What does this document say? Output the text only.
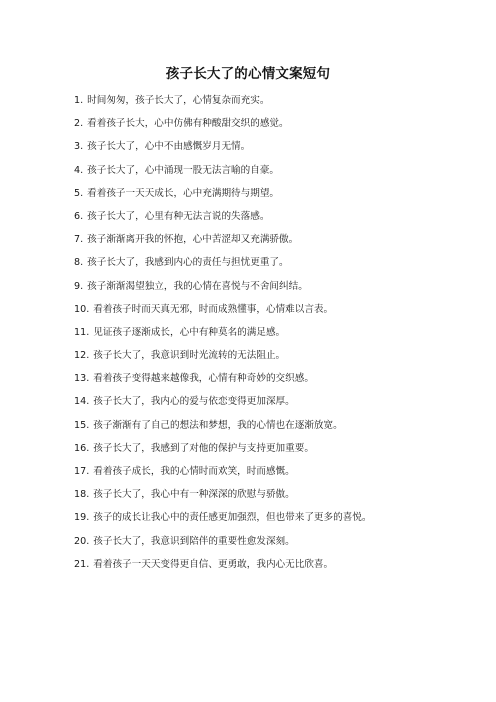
孩子长大了的心情文案短句
1. 时间匆匆，孩子长大了，心情复杂而充实。
2. 看着孩子长大，心中仿佛有种酸甜交织的感觉。
3. 孩子长大了，心中不由感慨岁月无情。
4. 孩子长大了，心中涌现一股无法言喻的自豪。
5. 看着孩子一天天成长，心中充满期待与期望。
6. 孩子长大了，心里有种无法言说的失落感。
7. 孩子渐渐离开我的怀抱，心中苦涩却又充满骄傲。
8. 孩子长大了，我感到内心的责任与担忧更重了。
9. 孩子渐渐渴望独立，我的心情在喜悦与不舍间纠结。
10. 看着孩子时而天真无邪，时而成熟懂事，心情难以言表。
11. 见证孩子逐渐成长，心中有种莫名的满足感。
12. 孩子长大了，我意识到时光流转的无法阻止。
13. 看着孩子变得越来越像我，心情有种奇妙的交织感。
14. 孩子长大了，我内心的爱与依恋变得更加深厚。
15. 孩子渐渐有了自己的想法和梦想，我的心情也在逐渐放宽。
16. 孩子长大了，我感到了对他的保护与支持更加重要。
17. 看着孩子成长，我的心情时而欢笑，时而感慨。
18. 孩子长大了，我心中有一种深深的欣慰与骄傲。
19. 孩子的成长让我心中的责任感更加强烈，但也带来了更多的喜悦。
20. 孩子长大了，我意识到陪伴的重要性愈发深刻。
21. 看着孩子一天天变得更自信、更勇敢，我内心无比欣喜。
